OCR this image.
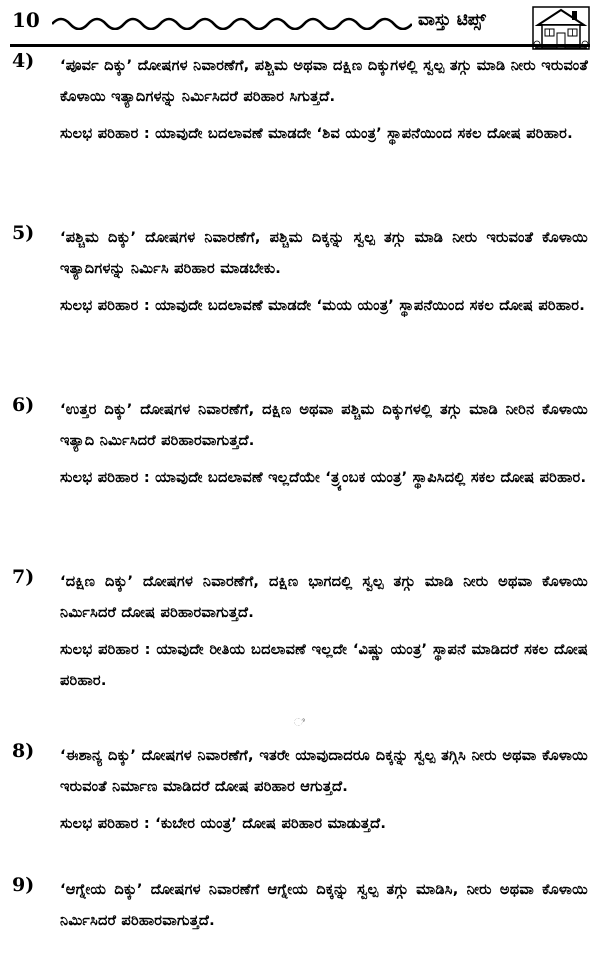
10	ವಾಸ್ತು ಟಿಪ್ಸ್
4) ‘ಪೂರ್ವ ದಿಕ್ಕು’ ದೋಷಗಳ ನಿವಾರಣೆಗೆ, ಪಶ್ಚಿಮ ಅಥವಾ ದಕ್ಷಿಣ ದಿಕ್ಕುಗಳಲ್ಲಿ ಸ್ವಲ್ಪ ತಗ್ಗು ಮಾಡಿ ನೀರು ಇರುವಂತೆ ಕೊಳಾಯಿ ಇತ್ಯಾದಿಗಳನ್ನು ನಿರ್ಮಿಸಿದರೆ ಪರಿಹಾರ ಸಿಗುತ್ತದೆ.

ಸುಲಭ ಪರಿಹಾರ : ಯಾವುದೇ ಬದಲಾವಣೆ ಮಾಡದೇ ‘ಶಿವ ಯಂತ್ರ’ ಸ್ಥಾಪನೆಯಿಂದ ಸಕಲ ದೋಷ ಪರಿಹಾರ.

5) ‘ಪಶ್ಚಿಮ ದಿಕ್ಕು’ ದೋಷಗಳ ನಿವಾರಣೆಗೆ, ಪಶ್ಚಿಮ ದಿಕ್ಕನ್ನು ಸ್ವಲ್ಪ ತಗ್ಗು ಮಾಡಿ ನೀರು ಇರುವಂತೆ ಕೊಳಾಯಿ ಇತ್ಯಾದಿಗಳನ್ನು ನಿರ್ಮಿಸಿ ಪರಿಹಾರ ಮಾಡಬೇಕು.

ಸುಲಭ ಪರಿಹಾರ : ಯಾವುದೇ ಬದಲಾವಣೆ ಮಾಡದೇ ‘ಮಯ ಯಂತ್ರ’ ಸ್ಥಾಪನೆಯಿಂದ ಸಕಲ ದೋಷ ಪರಿಹಾರ.

6) ‘ಉತ್ತರ ದಿಕ್ಕು’ ದೋಷಗಳ ನಿವಾರಣೆಗೆ, ದಕ್ಷಿಣ ಅಥವಾ ಪಶ್ಚಿಮ ದಿಕ್ಕುಗಳಲ್ಲಿ ತಗ್ಗು ಮಾಡಿ ನೀರಿನ ಕೊಳಾಯಿ ಇತ್ಯಾದಿ ನಿರ್ಮಿಸಿದರೆ ಪರಿಹಾರವಾಗುತ್ತದೆ.

ಸುಲಭ ಪರಿಹಾರ : ಯಾವುದೇ ಬದಲಾವಣೆ ಇಲ್ಲದೆಯೇ ‘ತ್ರ್ಯಂಬಕ ಯಂತ್ರ’ ಸ್ಥಾಪಿಸಿದಲ್ಲಿ ಸಕಲ ದೋಷ ಪರಿಹಾರ.

7) ‘ದಕ್ಷಿಣ ದಿಕ್ಕು’ ದೋಷಗಳ ನಿವಾರಣೆಗೆ, ದಕ್ಷಿಣ ಭಾಗದಲ್ಲಿ ಸ್ವಲ್ಪ ತಗ್ಗು ಮಾಡಿ ನೀರು ಅಥವಾ ಕೊಳಾಯಿ ನಿರ್ಮಿಸಿದರೆ ದೋಷ ಪರಿಹಾರವಾಗುತ್ತದೆ.

ಸುಲಭ ಪರಿಹಾರ : ಯಾವುದೇ ರೀತಿಯ ಬದಲಾವಣೆ ಇಲ್ಲದೇ ‘ವಿಷ್ಣು ಯಂತ್ರ’ ಸ್ಥಾಪನೆ ಮಾಡಿದರೆ ಸಕಲ ದೋಷ ಪರಿಹಾರ.

ಿ
8) ‘ಈಶಾನ್ಯ ದಿಕ್ಕು’ ದೋಷಗಳ ನಿವಾರಣೆಗೆ, ಇತರೇ ಯಾವುದಾದರೂ ದಿಕ್ಕನ್ನು ಸ್ವಲ್ಪ ತಗ್ಗಿಸಿ ನೀರು ಅಥವಾ ಕೊಳಾಯಿ ಇರುವಂತೆ ನಿರ್ಮಾಣ ಮಾಡಿದರೆ ದೋಷ ಪರಿಹಾರ ಆಗುತ್ತದೆ.

ಸುಲಭ ಪರಿಹಾರ : ‘ಕುಬೇರ ಯಂತ್ರ’ ದೋಷ ಪರಿಹಾರ ಮಾಡುತ್ತದೆ.

9) ‘ಆಗ್ನೇಯ ದಿಕ್ಕು’ ದೋಷಗಳ ನಿವಾರಣೆಗೆ ಆಗ್ನೇಯ ದಿಕ್ಕನ್ನು ಸ್ವಲ್ಪ ತಗ್ಗು ಮಾಡಿಸಿ, ನೀರು ಅಥವಾ ಕೊಳಾಯಿ ನಿರ್ಮಿಸಿದರೆ ಪರಿಹಾರವಾಗುತ್ತದೆ.
